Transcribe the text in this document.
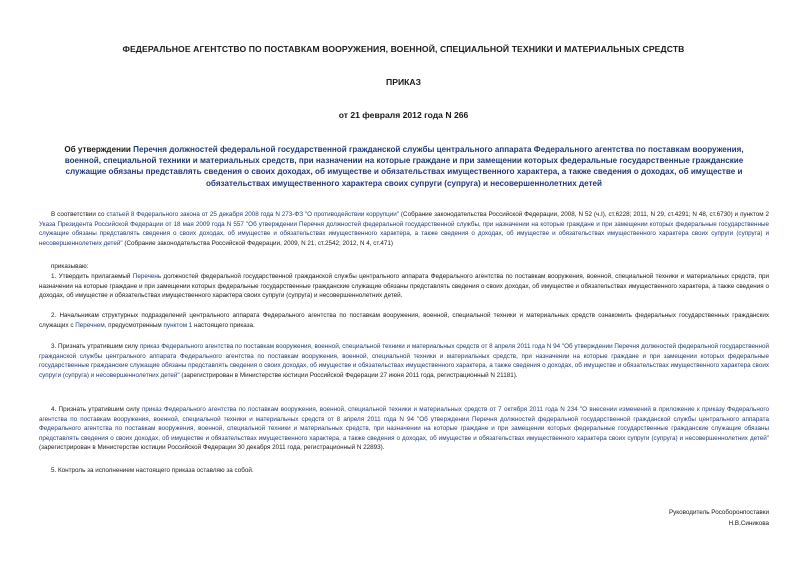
ФЕДЕРАЛЬНОЕ АГЕНТСТВО ПО ПОСТАВКАМ ВООРУЖЕНИЯ, ВОЕННОЙ, СПЕЦИАЛЬНОЙ ТЕХНИКИ И МАТЕРИАЛЬНЫХ СРЕДСТВ
ПРИКАЗ
от 21 февраля 2012 года N 266
Об утверждении Перечня должностей федеральной государственной гражданской службы центрального аппарата Федерального агентства по поставкам вооружения, военной, специальной техники и материальных средств, при назначении на которые граждане и при замещении которых федеральные государственные гражданские служащие обязаны представлять сведения о своих доходах, об имуществе и обязательствах имущественного характера, а также сведения о доходах, об имуществе и обязательствах имущественного характера своих супруги (супруга) и несовершеннолетних детей
В соответствии со статьей 8 Федерального закона от 25 декабря 2008 года N 273-ФЗ "О противодействии коррупции" (Собрание законодательства Российской Федерации, 2008, N 52 (ч.I), ст.6228; 2011, N 29, ст.4291; N 48, ст.6730) и пунктом 2 Указа Президента Российской Федерации от 18 мая 2009 года N 557 "Об утверждении Перечня должностей федеральной государственной службы, при назначении на которые граждане и при замещении которых федеральные государственные служащие обязаны представлять сведения о своих доходах, об имуществе и обязательствах имущественного характера, а также сведения о доходах, об имуществе и обязательствах имущественного характера своих супруги (супруга) и несовершеннолетних детей" (Собрание законодательства Российской Федерации, 2009, N 21, ст.2542; 2012, N 4, ст.471)
приказываю:
1. Утвердить прилагаемый Перечень должностей федеральной государственной гражданской службы центрального аппарата Федерального агентства по поставкам вооружения, военной, специальной техники и материальных средств, при назначении на которые граждане и при замещении которых федеральные государственные гражданские служащие обязаны представлять сведения о своих доходах, об имуществе и обязательствах имущественного характера, а также сведения о доходах, об имуществе и обязательствах имущественного характера своих супруги (супруга) и несовершеннолетних детей.
2. Начальникам структурных подразделений центрального аппарата Федерального агентства по поставкам вооружения, военной, специальной техники и материальных средств ознакомить федеральных государственных гражданских служащих с Перечнем, предусмотренным пунктом 1 настоящего приказа.
3. Признать утратившим силу приказ Федерального агентства по поставкам вооружения, военной, специальной техники и материальных средств от 8 апреля 2011 года N 94 "Об утверждении Перечня должностей федеральной государственной гражданской службы центрального аппарата Федерального агентства по поставкам вооружения, военной, специальной техники и материальных средств, при назначении на которые граждане и при замещении которых федеральные государственные гражданские служащие обязаны представлять сведения о своих доходах, об имуществе и обязательствах имущественного характера, а также сведения о доходах, об имуществе и обязательствах имущественного характера своих супруги (супруга) и несовершеннолетних детей" (зарегистрирован в Министерстве юстиции Российской Федерации 27 июня 2011 года, регистрационный N 21181).
4. Признать утратившим силу приказ Федерального агентства по поставкам вооружения, военной, специальной техники и материальных средств от 7 октября 2011 года N 234 "О внесении изменений в приложение к приказу Федерального агентства по поставкам вооружения, военной, специальной техники и материальных средств от 8 апреля 2011 года N 94 "Об утверждении Перечня должностей федеральной государственной гражданской службы центрального аппарата Федерального агентства по поставкам вооружения, военной, специальной техники и материальных средств, при назначении на которые граждане и при замещении которых федеральные государственные гражданские служащие обязаны представлять сведения о своих доходах, об имуществе и обязательствах имущественного характера, а также сведения о доходах, об имуществе и обязательствах имущественного характера своих супруги (супруга) и несовершеннолетних детей" (зарегистрирован в Министерстве юстиции Российской Федерации 30 декабря 2011 года, регистрационный N 22893).
5. Контроль за исполнением настоящего приказа оставляю за собой.
Руководитель Рособоронпоставки
Н.В.Синикова
